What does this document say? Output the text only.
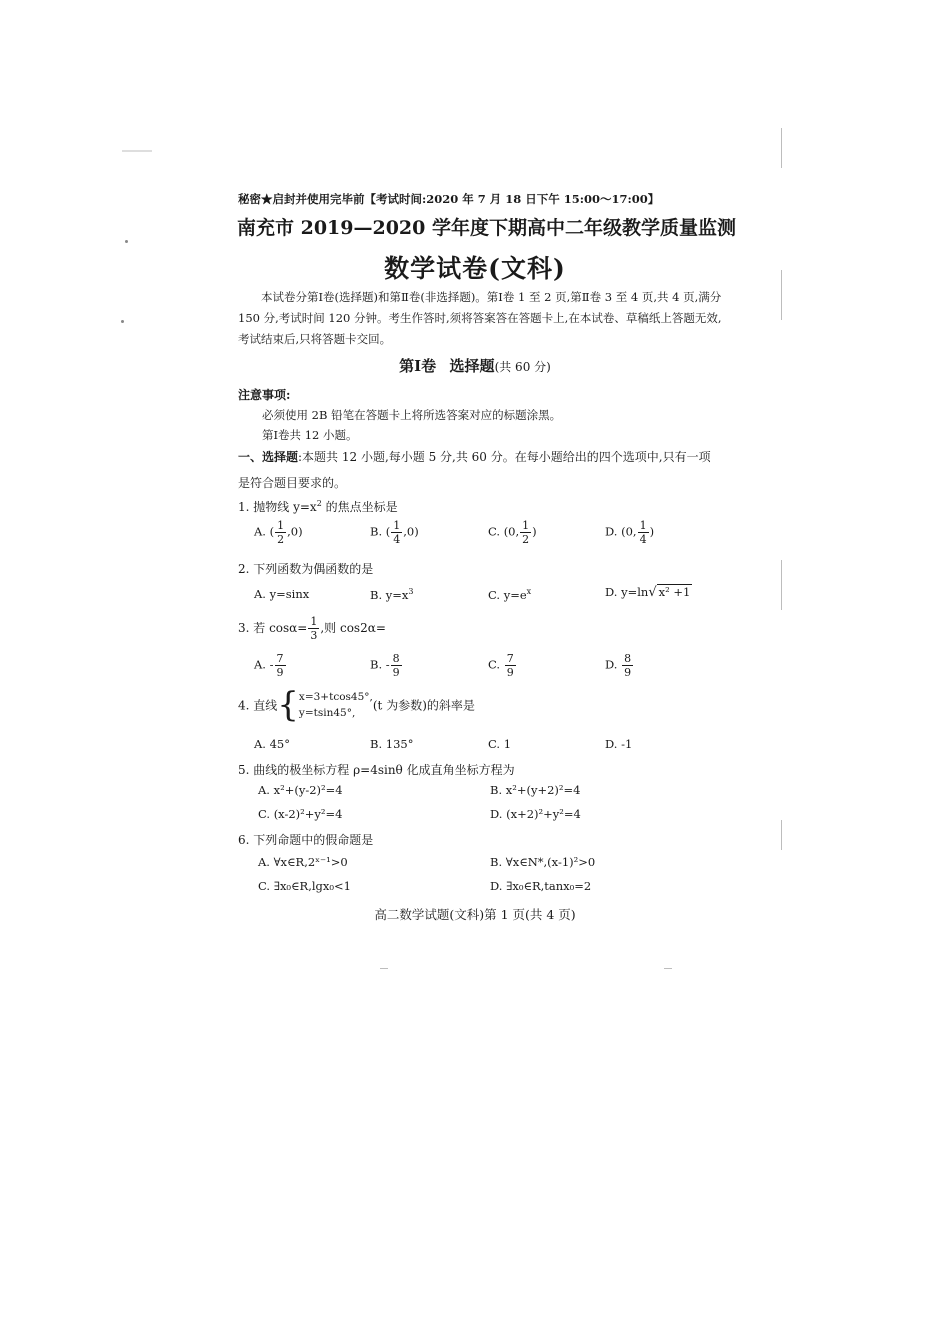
秘密★启封并使用完毕前【考试时间:2020 年 7 月 18 日下午 15:00～17:00】
南充市 2019—2020 学年度下期高中二年级教学质量监测
数学试卷(文科)
本试卷分第Ⅰ卷(选择题)和第Ⅱ卷(非选择题)。第Ⅰ卷 1 至 2 页,第Ⅱ卷 3 至 4 页,共 4 页,满分 150 分,考试时间 120 分钟。考生作答时,须将答案答在答题卡上,在本试卷、草稿纸上答题无效,考试结束后,只将答题卡交回。
第Ⅰ卷 选择题(共 60 分)
注意事项:
必须使用 2B 铅笔在答题卡上将所选答案对应的标题涂黑。
第Ⅰ卷共 12 小题。
一、选择题:本题共 12 小题,每小题 5 分,共 60 分。在每小题给出的四个选项中,只有一项是符合题目要求的。
1. 抛物线 $y=x^2$ 的焦点坐标是
A. ( $\frac{1}{2} ,0$)	B. ( $\frac{1}{4} ,0$)	C. (0, $\frac{1}{2}$ )	D. (0, $\frac{1}{4}$ )
2. 下列函数为偶函数的是
A. y=sinx	B. $y=x^3$	C. $y=e^x$	D. y=ln√ x² +1
3. 若 $\cos\alpha= \frac{1}{3}$ ,则 cos2α=
A. - $\frac{7}{9}$	B. - $\frac{8}{9}$	C. $\frac{7}{9}$	D. $\frac{8}{9}$
4. 直线{ x=3+tcos45°,
y=tsin45°,
(t 为参数)的斜率是
A. 45°	B. 135°	C. 1	D. -1
5. 曲线的极坐标方程 ρ=4sinθ 化成直角坐标方程为
A. x²+(y-2)²=4	B. x²+(y+2)²=4
C. (x-2)²+y²=4	D. (x+2)²+y²=4
6. 下列命题中的假命题是
A. ∀x∈R,2ˣ⁻¹>0	B. ∀x∈N*,(x-1)²>0
C. ∃x₀∈R,lgx₀<1	D. ∃x₀∈R,tanx₀=2
高二数学试题(文科)第 1 页(共 4 页)
